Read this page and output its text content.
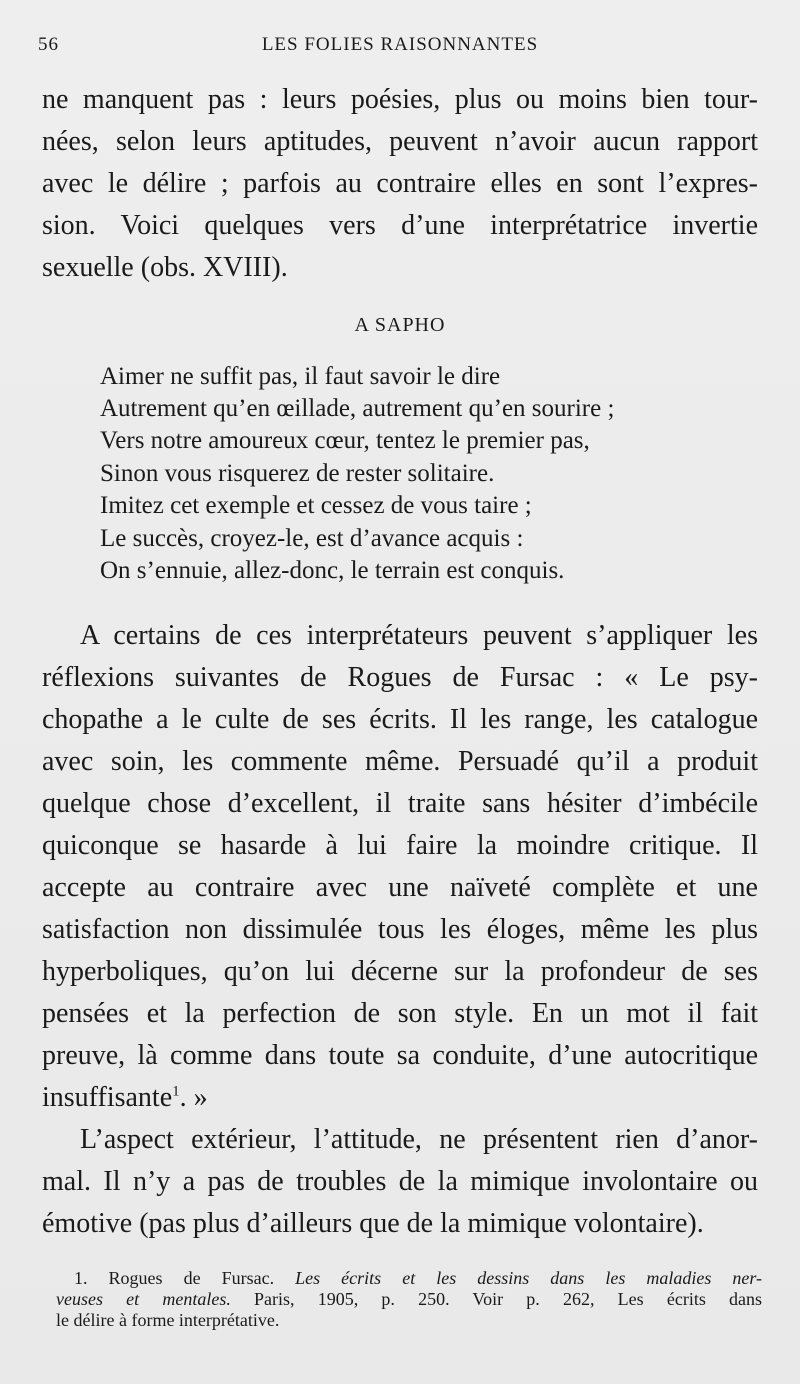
56	LES FOLIES RAISONNANTES
ne manquent pas : leurs poésies, plus ou moins bien tour-
nées, selon leurs aptitudes, peuvent n’avoir aucun rapport
avec le délire ; parfois au contraire elles en sont l’expres-
sion. Voici quelques vers d’une interprétatrice invertie
sexuelle (obs. XVIII).
A SAPHO
Aimer ne suffit pas, il faut savoir le dire
Autrement qu’en œillade, autrement qu’en sourire ;
Vers notre amoureux cœur, tentez le premier pas,
Sinon vous risquerez de rester solitaire.
Imitez cet exemple et cessez de vous taire ;
Le succès, croyez-le, est d’avance acquis :
On s’ennuie, allez-donc, le terrain est conquis.
A certains de ces interprétateurs peuvent s’appliquer les
réflexions suivantes de Rogues de Fursac : « Le psy-
chopathe a le culte de ses écrits. Il les range, les catalogue
avec soin, les commente même. Persuadé qu’il a produit
quelque chose d’excellent, il traite sans hésiter d’imbécile
quiconque se hasarde à lui faire la moindre critique. Il
accepte au contraire avec une naïveté complète et une
satisfaction non dissimulée tous les éloges, même les plus
hyperboliques, qu’on lui décerne sur la profondeur de ses
pensées et la perfection de son style. En un mot il fait
preuve, là comme dans toute sa conduite, d’une autocritique
insuffisante$^1$. »
L’aspect extérieur, l’attitude, ne présentent rien d’anor-
mal. Il n’y a pas de troubles de la mimique involontaire ou
émotive (pas plus d’ailleurs que de la mimique volontaire).
1. Rogues de Fursac. Les écrits et les dessins dans les maladies ner-
veuses et mentales. Paris, 1905, p. 250. Voir p. 262, Les écrits dans
le délire à forme interprétative.
